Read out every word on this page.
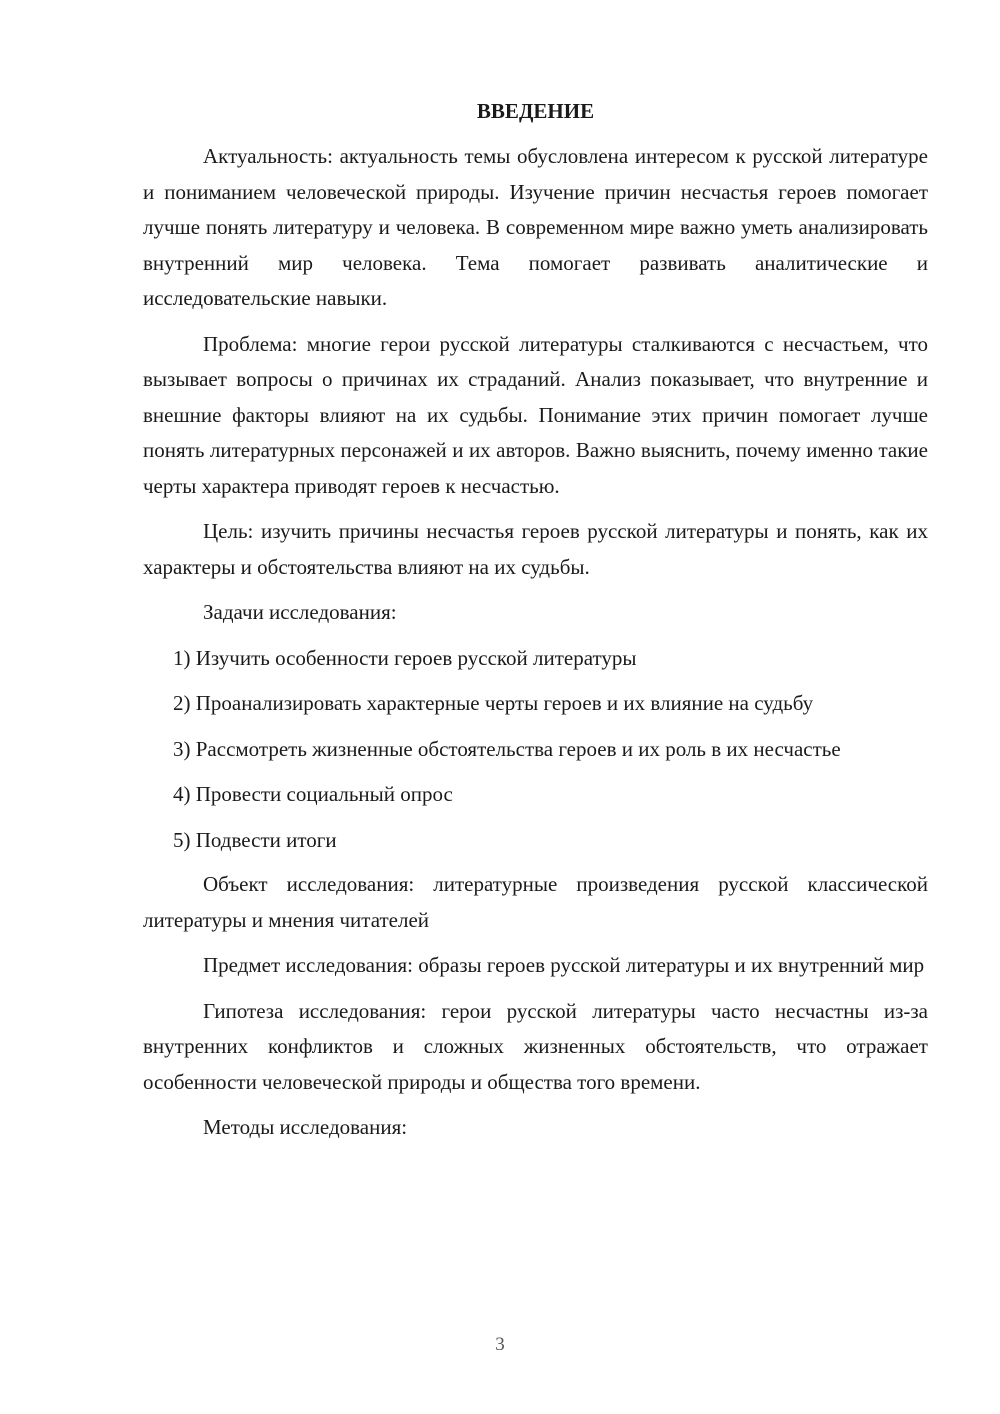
ВВЕДЕНИЕ

Актуальность: актуальность темы обусловлена интересом к русской литературе и пониманием человеческой природы. Изучение причин несчастья героев помогает лучше понять литературу и человека. В современном мире важно уметь анализировать внутренний мир человека. Тема помогает развивать аналитические и исследовательские навыки.

Проблема: многие герои русской литературы сталкиваются с несчастьем, что вызывает вопросы о причинах их страданий. Анализ показывает, что внутренние и внешние факторы влияют на их судьбы. Понимание этих причин помогает лучше понять литературных персонажей и их авторов. Важно выяснить, почему именно такие черты характера приводят героев к несчастью.

Цель: изучить причины несчастья героев русской литературы и понять, как их характеры и обстоятельства влияют на их судьбы.

Задачи исследования:

1) Изучить особенности героев русской литературы

2) Проанализировать характерные черты героев и их влияние на судьбу

3) Рассмотреть жизненные обстоятельства героев и их роль в их несчастье

4) Провести социальный опрос

5) Подвести итоги

Объект исследования: литературные произведения русской классической литературы и мнения читателей

Предмет исследования: образы героев русской литературы и их внутренний мир

Гипотеза исследования: герои русской литературы часто несчастны из-за внутренних конфликтов и сложных жизненных обстоятельств, что отражает особенности человеческой природы и общества того времени.

Методы исследования:

3
